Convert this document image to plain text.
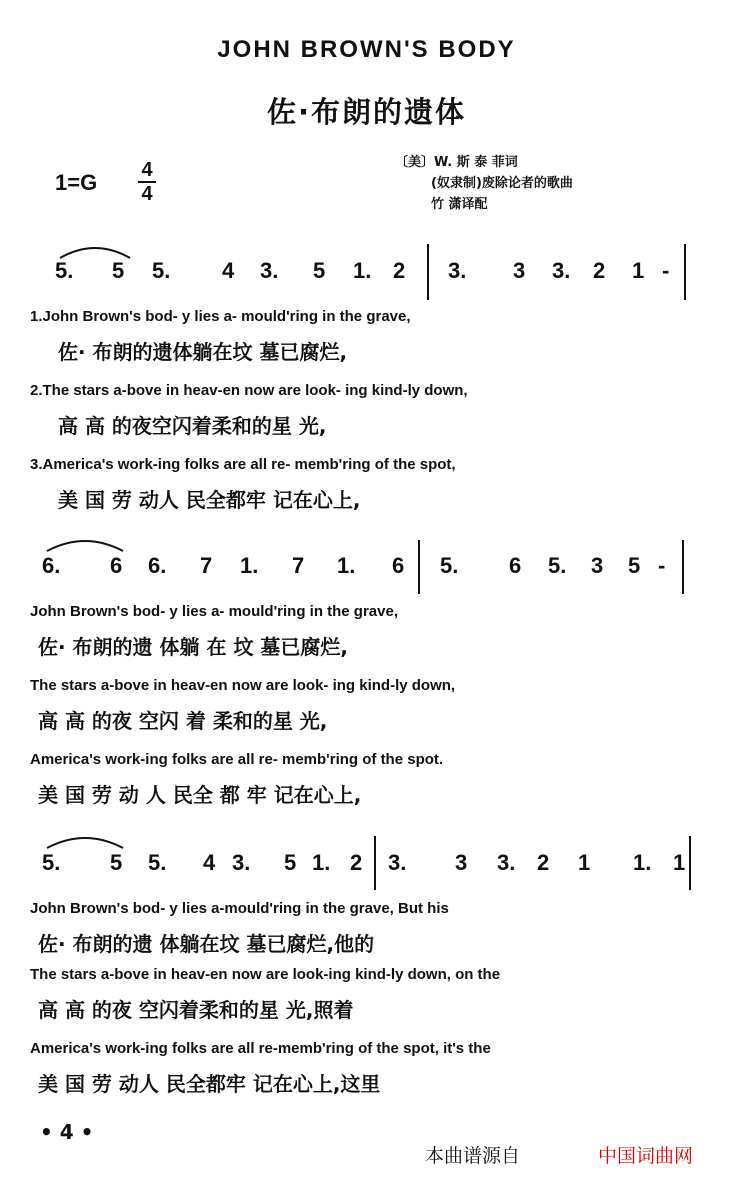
JOHN BROWN'S BODY
佐·布朗的遗体
1=G 4
4
〔美〕W. 斯 泰 菲词
(奴隶制)废除论者的歌曲
竹 潇译配
5. 5 5. 4 3. 5 1. 2 3. 3 3. 2 1 -
1.John Brown's bod- y lies a- mould'ring in the grave,
佐· 布朗的遗体躺在坟 墓已腐烂,
2.The stars a-bove in heav-en now are look- ing kind-ly down,
高 高 的夜空闪着柔和的星 光,
3.America's work-ing folks are all re- memb'ring of the spot,
美 国 劳 动人 民全都牢 记在心上,
6. 6 6. 7 1. 7 1. 6 5. 6 5. 3 5 -
John Brown's bod- y lies a- mould'ring in the grave,
佐· 布朗的遗 体躺 在 坟 墓已腐烂,
The stars a-bove in heav-en now are look- ing kind-ly down,
高 高 的夜 空闪 着 柔和的星 光,
America's work-ing folks are all re- memb'ring of the spot.
美 国 劳 动 人 民全 都 牢 记在心上,
5. 5 5. 4 3. 5 1. 2 3. 3 3. 2 1 1. 1
John Brown's bod- y lies a-mould'ring in the grave, But his
佐· 布朗的遗 体躺在坟 墓已腐烂,他的
The stars a-bove in heav-en now are look-ing kind-ly down, on the
高 高 的夜 空闪着柔和的星 光,照着
America's work-ing folks are all re-memb'ring of the spot, it's the
美 国 劳 动人 民全都牢 记在心上,这里
• 4 •
本曲谱源自	中国词曲网
